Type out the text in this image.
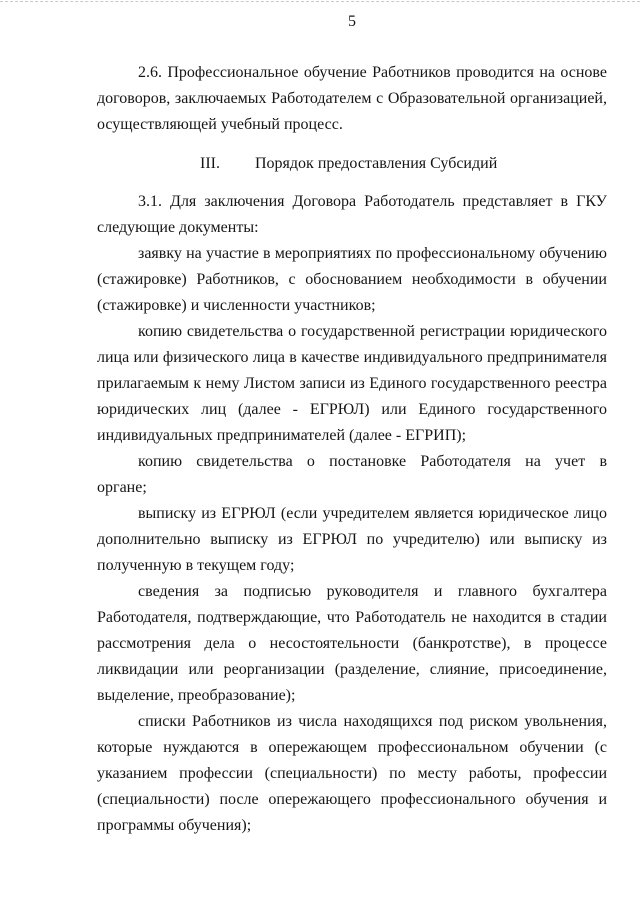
5
2.6. Профессиональное обучение Работников проводится на основе
договоров, заключаемых Работодателем с Образовательной организацией,
осуществляющей учебный процесс.
III. Порядок предоставления Субсидий
3.1. Для заключения Договора Работодатель представляет в ГКУ
следующие документы:
заявку на участие в мероприятиях по профессиональному обучению
(стажировке) Работников, с обоснованием необходимости в обучении
(стажировке) и численности участников;
копию свидетельства о государственной регистрации юридического
лица или физического лица в качестве индивидуального предпринимателя
прилагаемым к нему Листом записи из Единого государственного реестра
юридических лиц (далее - ЕГРЮЛ) или Единого государственного
индивидуальных предпринимателей (далее - ЕГРИП);
копию свидетельства о постановке Работодателя на учет в
органе;
выписку из ЕГРЮЛ (если учредителем является юридическое лицо
дополнительно выписку из ЕГРЮЛ по учредителю) или выписку из
полученную в текущем году;
сведения за подписью руководителя и главного бухгалтера
Работодателя, подтверждающие, что Работодатель не находится в стадии
рассмотрения дела о несостоятельности (банкротстве), в процессе
ликвидации или реорганизации (разделение, слияние, присоединение,
выделение, преобразование);
списки Работников из числа находящихся под риском увольнения,
которые нуждаются в опережающем профессиональном обучении (с
указанием профессии (специальности) по месту работы, профессии
(специальности) после опережающего профессионального обучения и
программы обучения);
